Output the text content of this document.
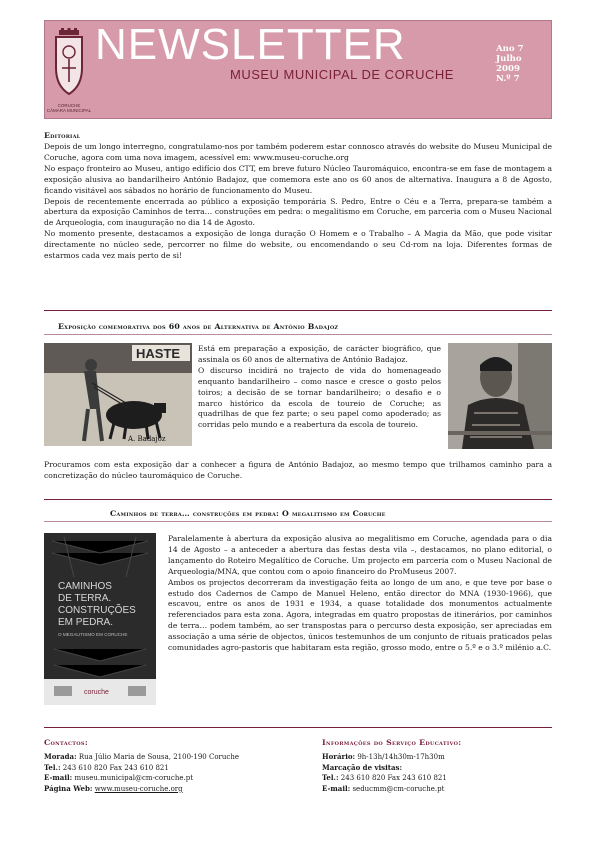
CORUCHE
CÂMARA MUNICIPAL
NEWSLETTER
MUSEU MUNICIPAL DE CORUCHE
Ano 7
Julho
2009
N.º 7
Editorial

Depois de um longo interregno, congratulamo-nos por também poderem estar connosco através do website do Museu Municipal de Coruche, agora com uma nova imagem, acessível em: www.museu-coruche.org

No espaço fronteiro ao Museu, antigo edifício dos CTT, em breve futuro Núcleo Tauromáquico, encontra-se em fase de montagem a exposição alusiva ao bandarilheiro António Badajoz, que comemora este ano os 60 anos de alternativa. Inaugura a 8 de Agosto, ficando visitável aos sábados no horário de funcionamento do Museu.

Depois de recentemente encerrada ao público a exposição temporária S. Pedro, Entre o Céu e a Terra, prepara-se também a abertura da exposição Caminhos de terra… construções em pedra: o megalitismo em Coruche, em parceria com o Museu Nacional de Arqueologia, com inauguração no dia 14 de Agosto.

No momento presente, destacamos a exposição de longa duração O Homem e o Trabalho – A Magia da Mão, que pode visitar directamente no núcleo sede, percorrer no filme do website, ou encomendando o seu Cd-rom na loja. Diferentes formas de estarmos cada vez mais perto de si!

Exposição comemorativa dos 60 anos de Alternativa de António Badajoz
HASTE
A. Badajoz

Está em preparação a exposição, de carácter biográfico, que assinala os 60 anos de alternativa de António Badajoz.

O discurso incidirá no trajecto de vida do homenageado enquanto bandarilheiro – como nasce e cresce o gosto pelos toiros; a decisão de se tornar bandarilheiro; o desafio e o marco histórico da escola de toureio de Coruche; as quadrilhas de que fez parte; o seu papel como apoderado; as corridas pelo mundo e a reabertura da escola de toureio.

Procuramos com esta exposição dar a conhecer a figura de António Badajoz, ao mesmo tempo que trilhamos caminho para a concretização do núcleo tauromáquico de Coruche.

Caminhos de terra… construções em pedra: O megalitismo em Coruche
CAMINHOS
DE TERRA.
CONSTRUÇÕES
EM PEDRA.
O MEGALITISMO EM CORUCHE
coruche

Paralelamente à abertura da exposição alusiva ao megalitismo em Coruche, agendada para o dia 14 de Agosto – a anteceder a abertura das festas desta vila –, destacamos, no plano editorial, o lançamento do Roteiro Megalítico de Coruche. Um projecto em parceria com o Museu Nacional de Arqueologia/MNA, que contou com o apoio financeiro do ProMuseus 2007.

Ambos os projectos decorreram da investigação feita ao longo de um ano, e que teve por base o estudo dos Cadernos de Campo de Manuel Heleno, então director do MNA (1930-1966), que escavou, entre os anos de 1931 e 1934, a quase totalidade dos monumentos actualmente referenciados para esta zona. Agora, integradas em quatro propostas de itinerários, por caminhos de terra… podem também, ao ser transpostas para o percurso desta exposição, ser apreciadas em associação a uma série de objectos, únicos testemunhos de um conjunto de rituais praticados pelas comunidades agro-pastoris que habitaram esta região, grosso modo, entre o 5.º e o 3.º milénio a.C.

Contactos:
Morada: Rua Júlio Maria de Sousa, 2100-190 Coruche
Tel.: 243 610 820 Fax 243 610 821
E-mail: museu.municipal@cm-coruche.pt
Página Web: www.museu-coruche.org
Informações do Serviço Educativo:
Horário: 9h-13h/14h30m-17h30m
Marcação de visitas:
Tel.: 243 610 820 Fax 243 610 821
E-mail: seducmm@cm-coruche.pt
